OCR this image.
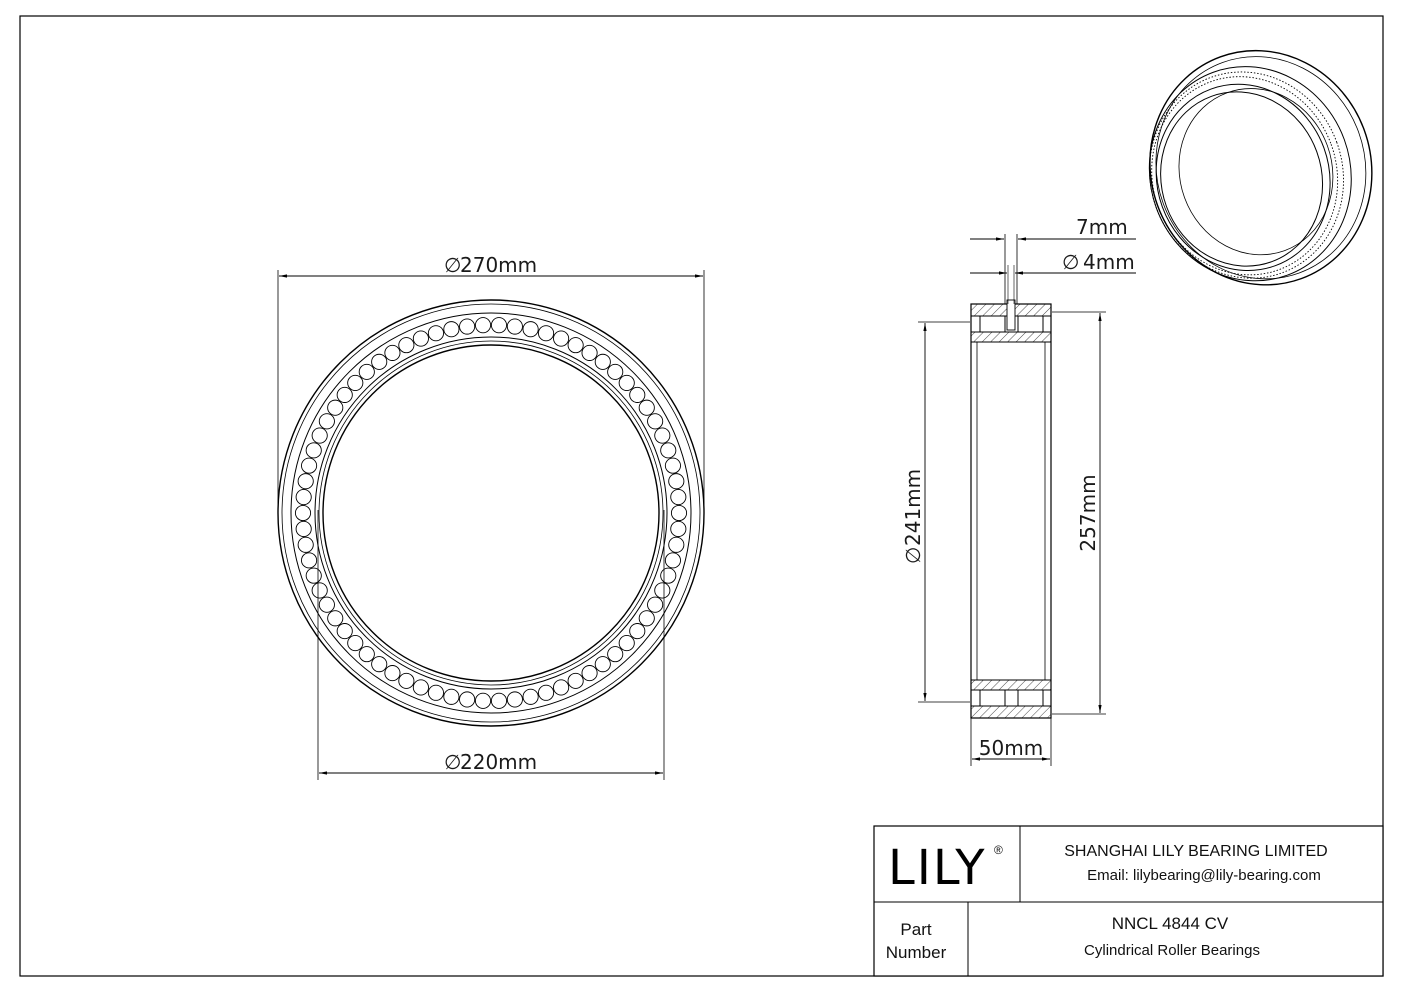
∅
270mm
∅
220mm
7mm
∅ 4mm
∅
241mm	257mm
50mm
LILY ®	SHANGHAI LILY BEARING LIMITED
Email: lilybearing@lily-bearing.com
Part
Number
NNCL 4844 CV
Cylindrical Roller Bearings
